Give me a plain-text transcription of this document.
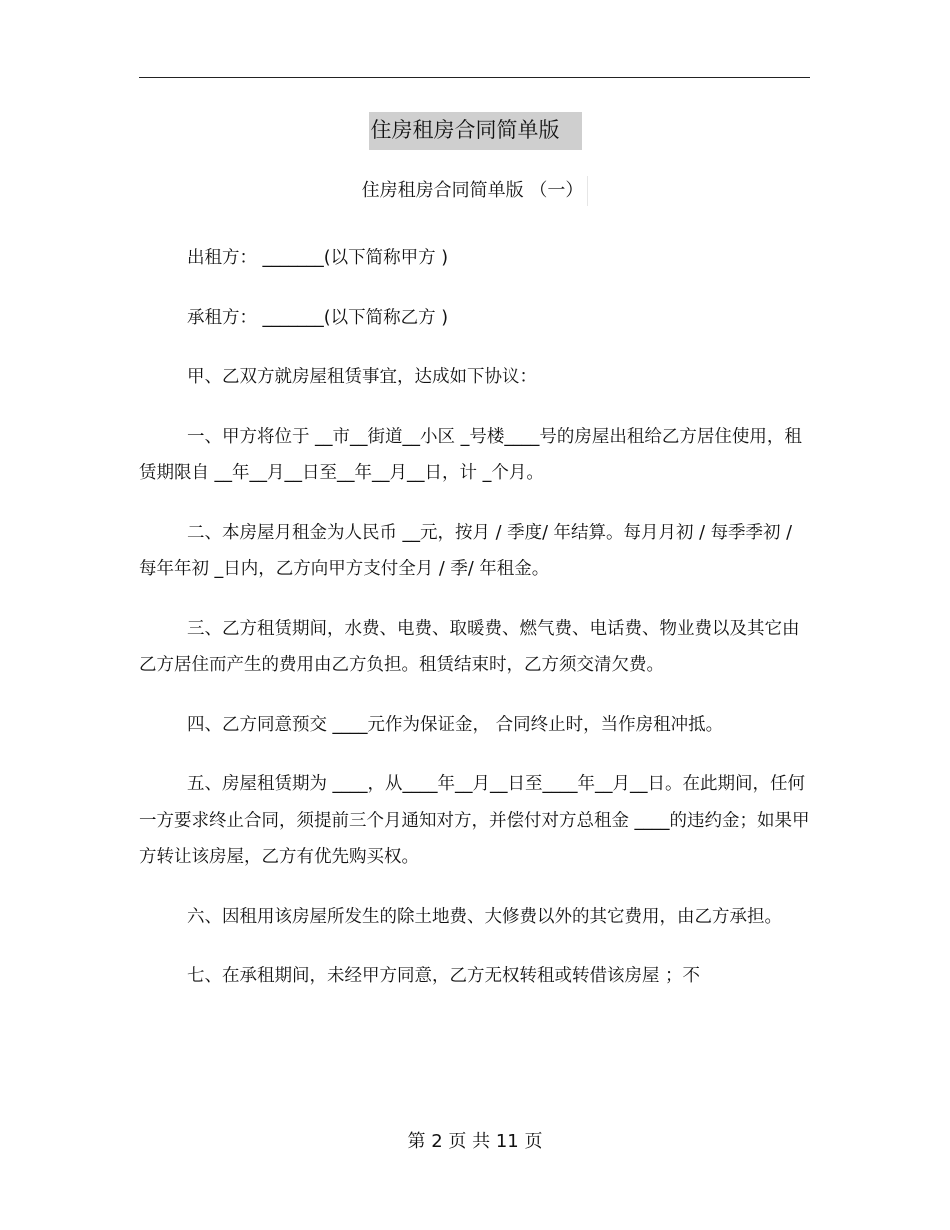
住房租房合同简单版
住房租房合同简单版 （一）

出租方： _______(以下简称甲方 )

承租方： _______(以下简称乙方 )

甲、乙双方就房屋租赁事宜，达成如下协议：

一、甲方将位于 __市__街道__小区 _号楼____号的房屋出租给乙方居住使用，租赁期限自 __年__月__日至__年__月__日，计 _个月。

二、本房屋月租金为人民币 __元，按月 / 季度/ 年结算。每月月初 / 每季季初 / 每年年初 _日内，乙方向甲方支付全月 / 季/ 年租金。

三、乙方租赁期间，水费、电费、取暖费、燃气费、电话费、物业费以及其它由乙方居住而产生的费用由乙方负担。租赁结束时，乙方须交清欠费。

四、乙方同意预交 ____元作为保证金， 合同终止时，当作房租冲抵。

五、房屋租赁期为 ____，从____年__月__日至____年__月__日。在此期间，任何一方要求终止合同，须提前三个月通知对方，并偿付对方总租金 ____的违约金；如果甲方转让该房屋，乙方有优先购买权。

六、因租用该房屋所发生的除土地费、大修费以外的其它费用，由乙方承担。

七、在承租期间，未经甲方同意，乙方无权转租或转借该房屋 ；不

第 2 页 共 11 页
